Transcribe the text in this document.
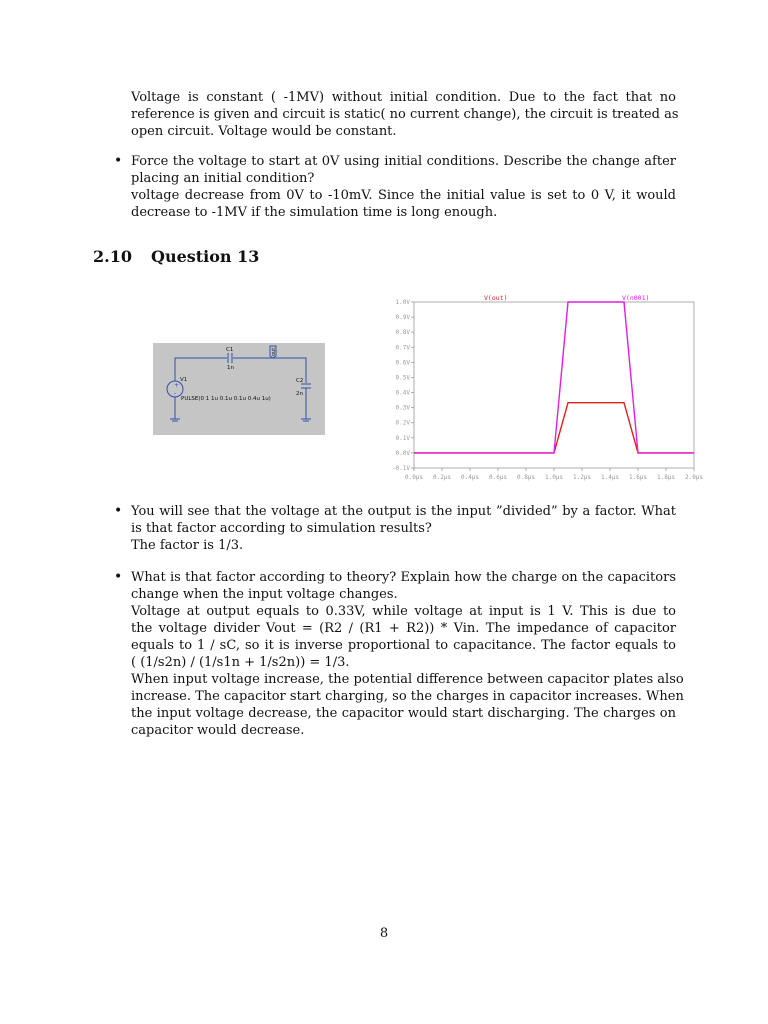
Voltage is constant ( -1MV) without initial condition. Due to the fact that no
reference is given and circuit is static( no current change), the circuit is treated as
open circuit. Voltage would be constant.
• Force the voltage to start at 0V using initial conditions. Describe the change after
placing an initial condition?
voltage decrease from 0V to -10mV. Since the initial value is set to 0 V, it would
decrease to -1MV if the simulation time is long enough.
2.10 Question 13
+
-
C1
1n
out
V1	C2
2n
PULSE(0 1 1u 0.1u 0.1u 0.4u 1u)
1.0V
0.9V
0.8V
0.7V
0.6V
0.5V
0.4V
0.3V
0.2V
0.1V
0.0V
-0.1V
0.0µs 0.2µs 0.4µs 0.6µs 0.8µs 1.0µs 1.2µs 1.4µs 1.6µs 1.8µs 2.0µs
V(out)	V(n001)
• You will see that the voltage at the output is the input ”divided” by a factor. What
is that factor according to simulation results?
The factor is 1/3.
• What is that factor according to theory? Explain how the charge on the capacitors
change when the input voltage changes.
Voltage at output equals to 0.33V, while voltage at input is 1 V. This is due to
the voltage divider Vout = (R2 / (R1 + R2)) * Vin. The impedance of capacitor
equals to 1 / sC, so it is inverse proportional to capacitance. The factor equals to
( (1/s2n) / (1/s1n + 1/s2n)) = 1/3.
When input voltage increase, the potential difference between capacitor plates also
increase. The capacitor start charging, so the charges in capacitor increases. When
the input voltage decrease, the capacitor would start discharging. The charges on
capacitor would decrease.
8
